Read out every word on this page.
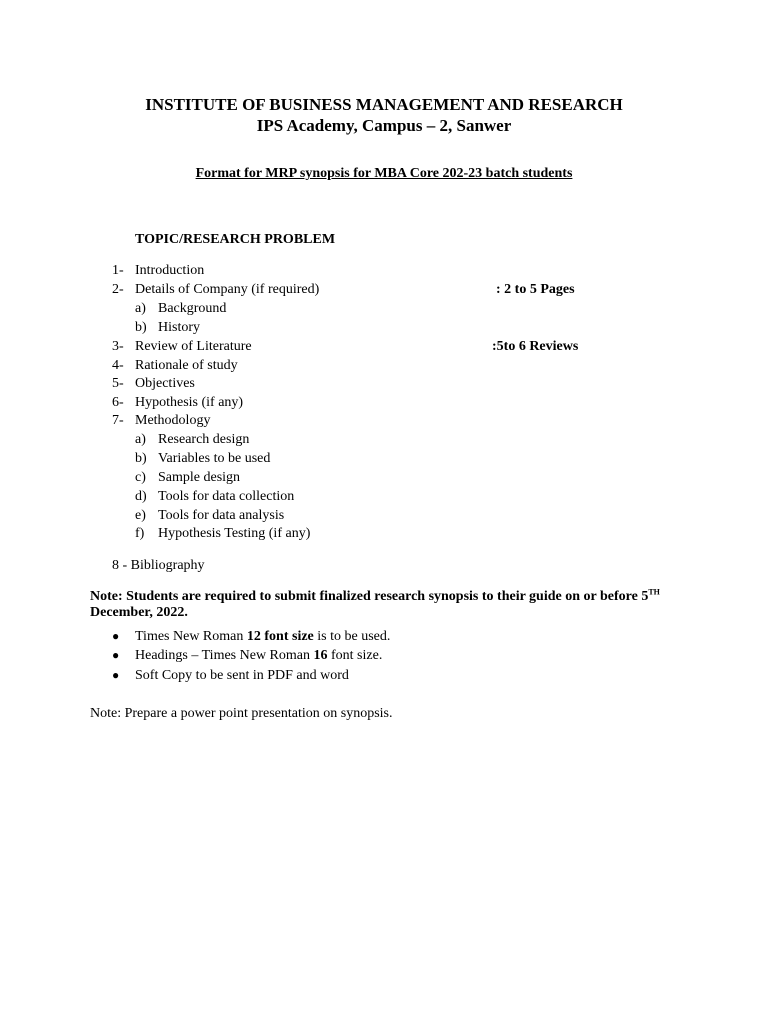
INSTITUTE OF BUSINESS MANAGEMENT AND RESEARCH
IPS Academy, Campus – 2, Sanwer
Format for MRP synopsis for MBA Core 202-23 batch students
TOPIC/RESEARCH PROBLEM
1- Introduction
2- Details of Company (if required)	: 2 to 5 Pages
a) Background
b) History
3- Review of Literature	:5to 6 Reviews
4- Rationale of study
5- Objectives
6- Hypothesis (if any)
7- Methodology
a) Research design
b) Variables to be used
c) Sample design
d) Tools for data collection
e) Tools for data analysis
f) Hypothesis Testing (if any)
8 - Bibliography
Note: Students are required to submit finalized research synopsis to their guide on or before 5TH
December, 2022.
● Times New Roman 12 font size is to be used.
● Headings – Times New Roman 16 font size.
● Soft Copy to be sent in PDF and word
Note: Prepare a power point presentation on synopsis.
